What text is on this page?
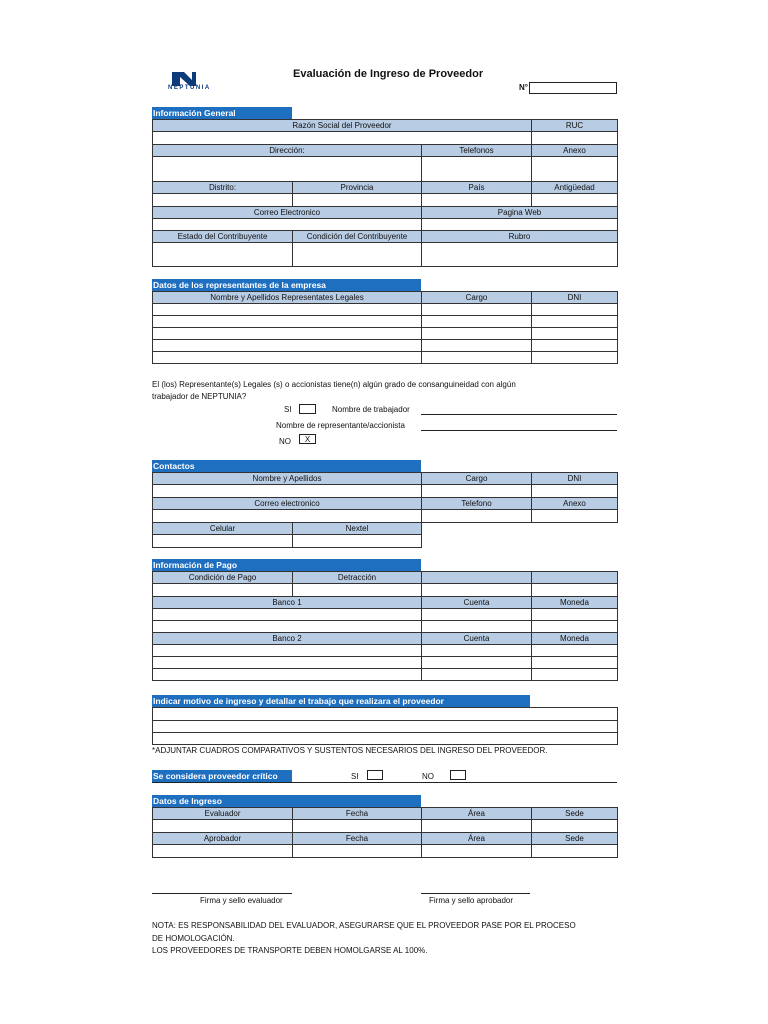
NEPTUNIA
Evaluación de Ingreso de Proveedor
N°
Información General
Razón Social del Proveedor			RUC

Dirección:		Telefonos	Anexo

Distrito:	Provincia	País	Antigüedad

Correo Electronico		Pagina Web	

Estado del Contribuyente	Condición del Contribuyente	Rubro	

Datos de los representantes de la empresa
Nombre y Apellidos Representates Legales	Cargo	DNI

El (los) Representante(s) Legales (s) o accionistas tiene(n) algún grado de consanguineidad con algún
trabajador de NEPTUNIA?
SI	Nombre de trabajador
Nombre de representante/accionista
NO	X
Contactos
Nombre y Apellidos	Cargo	DNI

Correo electronico	Telefono	Anexo

Celular	Nextel

Información de Pago
Condición de Pago	Detracción		

Banco 1		Cuenta	Moneda

Banco 2		Cuenta	Moneda

Indicar motivo de ingreso y detallar el trabajo que realizara el proveedor

*ADJUNTAR CUADROS COMPARATIVOS Y SUSTENTOS NECESARIOS DEL INGRESO DEL PROVEEDOR.
Se considera proveedor crítico	SI	NO
Datos de Ingreso
Evaluador	Fecha	Área	Sede

Aprobador	Fecha	Área	Sede

Firma y sello evaluador	Firma y sello aprobador
NOTA: ES RESPONSABILIDAD DEL EVALUADOR, ASEGURARSE QUE EL PROVEEDOR PASE POR EL PROCESO
DE HOMOLOGACIÓN.
LOS PROVEEDORES DE TRANSPORTE DEBEN HOMOLGARSE AL 100%.
